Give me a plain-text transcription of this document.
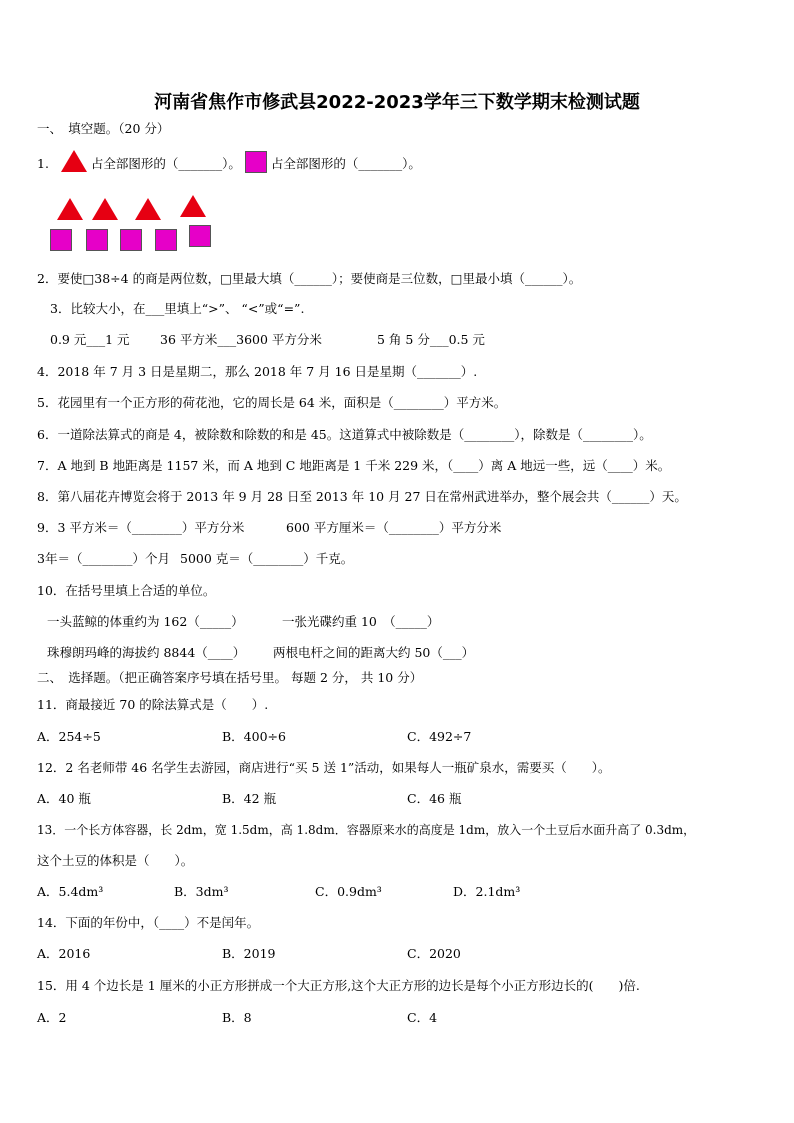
河南省焦作市修武县2022-2023学年三下数学期末检测试题
一、　填空题。（20 分）
1.	占全部图形的（_______）。 占全部图形的（_______）。
2．要使□38÷4 的商是两位数，□里最大填（______）；要使商是三位数，□里最小填（______）。
3．比较大小，在___里填上“>”、 “<”或“=”.
0.9 元___1 元 36 平方米___3600 平方分米	5 角 5 分___0.5 元
4．2018 年 7 月 3 日是星期二，那么 2018 年 7 月 16 日是星期（_______）.
5．花园里有一个正方形的荷花池，它的周长是 64 米，面积是（________）平方米。
6．一道除法算式的商是 4，被除数和除数的和是 45。这道算式中被除数是（________），除数是（________）。
7．A 地到 B 地距离是 1157 米，而 A 地到 C 地距离是 1 千米 229 米，（____）离 A 地远一些，远（____）米。
8．第八届花卉博览会将于 2013 年 9 月 28 日至 2013 年 10 月 27 日在常州武进举办，整个展会共（______）天。
9．3 平方米＝（________）平方分米	600 平方厘米＝（________）平方分米
3年＝（________）个月 5000 克＝（________）千克。
10．在括号里填上合适的单位。
一头蓝鲸的体重约为 162（_____）	一张光碟约重 10　（_____）
珠穆朗玛峰的海拔约 8844（____） 两根电杆之间的距离大约 50（___）
二、　选择题。（把正确答案序号填在括号里。 每题 2 分， 共 10 分）
11．商最接近 70 的除法算式是（　　）.
A．254÷5	B．400÷6	C．492÷7
12．2 名老师带 46 名学生去游园，商店进行“买 5 送 1”活动，如果每人一瓶矿泉水，需要买（　　）。
A．40 瓶	B．42 瓶	C．46 瓶
13．一个长方体容器，长 2dm，宽 1.5dm，高 1.8dm．容器原来水的高度是 1dm，放入一个土豆后水面升高了 0.3dm，
这个土豆的体积是（　　）。
A．5.4dm³	B．3dm³	C．0.9dm³	D．2.1dm³
14．下面的年份中，（____）不是闰年。
A．2016	B．2019	C．2020
15．用 4 个边长是 1 厘米的小正方形拼成一个大正方形,这个大正方形的边长是每个小正方形边长的(　　)倍.
A．2	B．8	C．4
